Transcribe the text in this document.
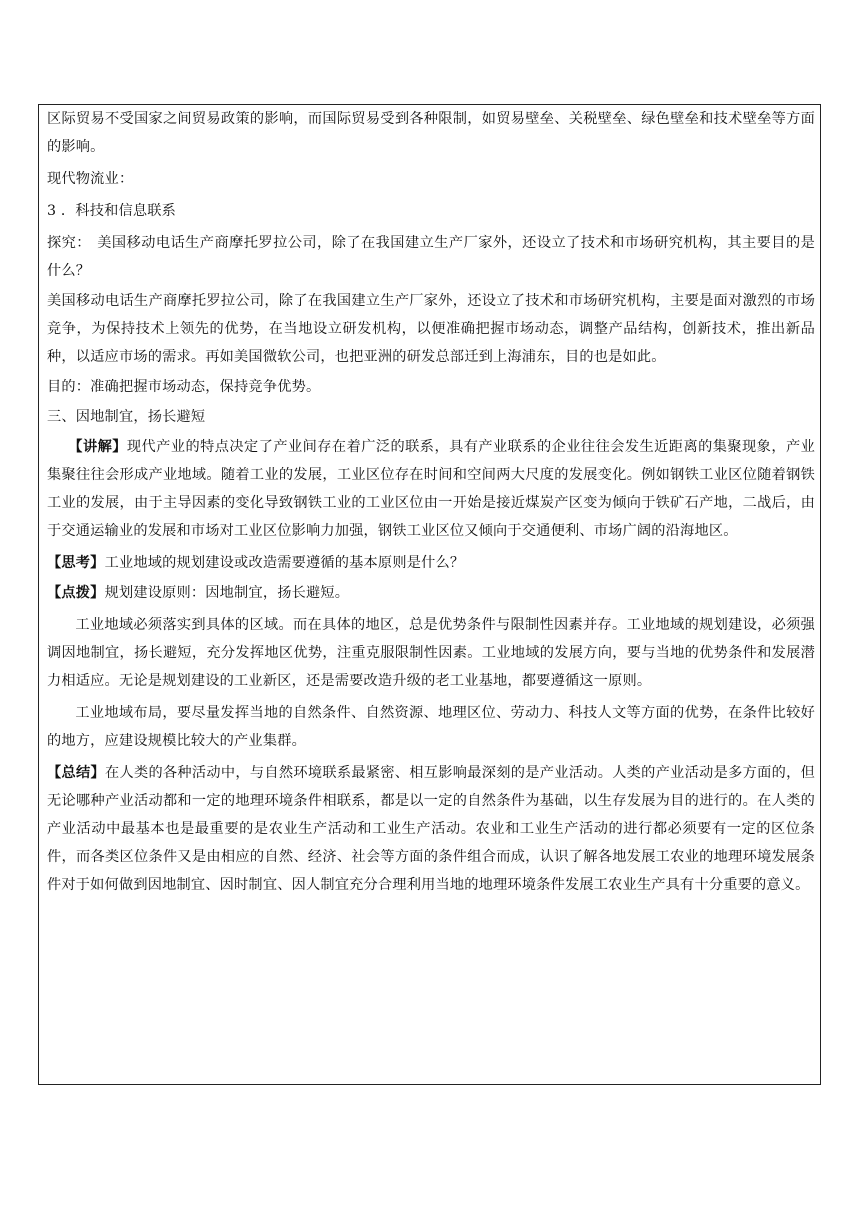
区际贸易不受国家之间贸易政策的影响，而国际贸易受到各种限制，如贸易壁垒、关税壁垒、绿色壁垒和技术壁垒等方面的影响。

现代物流业：

3 ．科技和信息联系

探究： 美国移动电话生产商摩托罗拉公司，除了在我国建立生产厂家外，还设立了技术和市场研究机构，其主要目的是什么？

美国移动电话生产商摩托罗拉公司，除了在我国建立生产厂家外，还设立了技术和市场研究机构，主要是面对激烈的市场竞争，为保持技术上领先的优势，在当地设立研发机构，以便准确把握市场动态，调整产品结构，创新技术，推出新品种，以适应市场的需求。再如美国微软公司，也把亚洲的研发总部迁到上海浦东，目的也是如此。

目的：准确把握市场动态，保持竞争优势。

三、因地制宜，扬长避短

【讲解】现代产业的特点决定了产业间存在着广泛的联系，具有产业联系的企业往往会发生近距离的集聚现象，产业集聚往往会形成产业地域。随着工业的发展，工业区位存在时间和空间两大尺度的发展变化。例如钢铁工业区位随着钢铁工业的发展，由于主导因素的变化导致钢铁工业的工业区位由一开始是接近煤炭产区变为倾向于铁矿石产地，二战后，由于交通运输业的发展和市场对工业区位影响力加强，钢铁工业区位又倾向于交通便利、市场广阔的沿海地区。

【思考】工业地域的规划建设或改造需要遵循的基本原则是什么？

【点拨】规划建设原则：因地制宜，扬长避短。

工业地域必须落实到具体的区域。而在具体的地区，总是优势条件与限制性因素并存。工业地域的规划建设，必须强调因地制宜，扬长避短，充分发挥地区优势，注重克服限制性因素。工业地域的发展方向，要与当地的优势条件和发展潜力相适应。无论是规划建设的工业新区，还是需要改造升级的老工业基地，都要遵循这一原则。

工业地域布局，要尽量发挥当地的自然条件、自然资源、地理区位、劳动力、科技人文等方面的优势，在条件比较好的地方，应建设规模比较大的产业集群。

【总结】在人类的各种活动中，与自然环境联系最紧密、相互影响最深刻的是产业活动。人类的产业活动是多方面的，但无论哪种产业活动都和一定的地理环境条件相联系，都是以一定的自然条件为基础，以生存发展为目的进行的。在人类的产业活动中最基本也是最重要的是农业生产活动和工业生产活动。农业和工业生产活动的进行都必须要有一定的区位条件，而各类区位条件又是由相应的自然、经济、社会等方面的条件组合而成，认识了解各地发展工农业的地理环境发展条件对于如何做到因地制宜、因时制宜、因人制宜充分合理利用当地的地理环境条件发展工农业生产具有十分重要的意义。
